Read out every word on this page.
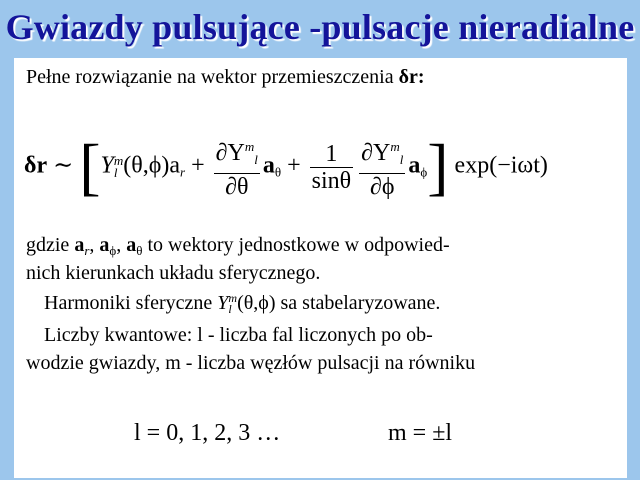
Gwiazdy pulsujące -pulsacje nieradialne
Pełne rozwiązanie na wektor przemieszczenia δr:
δr ∼ [Y m
l $(\theta,\phi)a_r + \frac{\partial Y^m_l}{\partial\theta} a_\theta + \frac{1}{\sin\theta} \frac{\partial Y^m_l}{\partial\phi} a_\phi$] exp(−iωt)
gdzie $a_r$, $a_\phi$, $a_\theta$ to wektory jednostkowe w odpowied-
nich kierunkach układu sferycznego.
Harmoniki sferyczne Y m
l (θ,ϕ) sa stabelaryzowane.
Liczby kwantowe: l - liczba fal liczonych po ob-
wodzie gwiazdy, m - liczba węzłów pulsacji na równiku
l = 0, 1, 2, 3 …	m = ±l
